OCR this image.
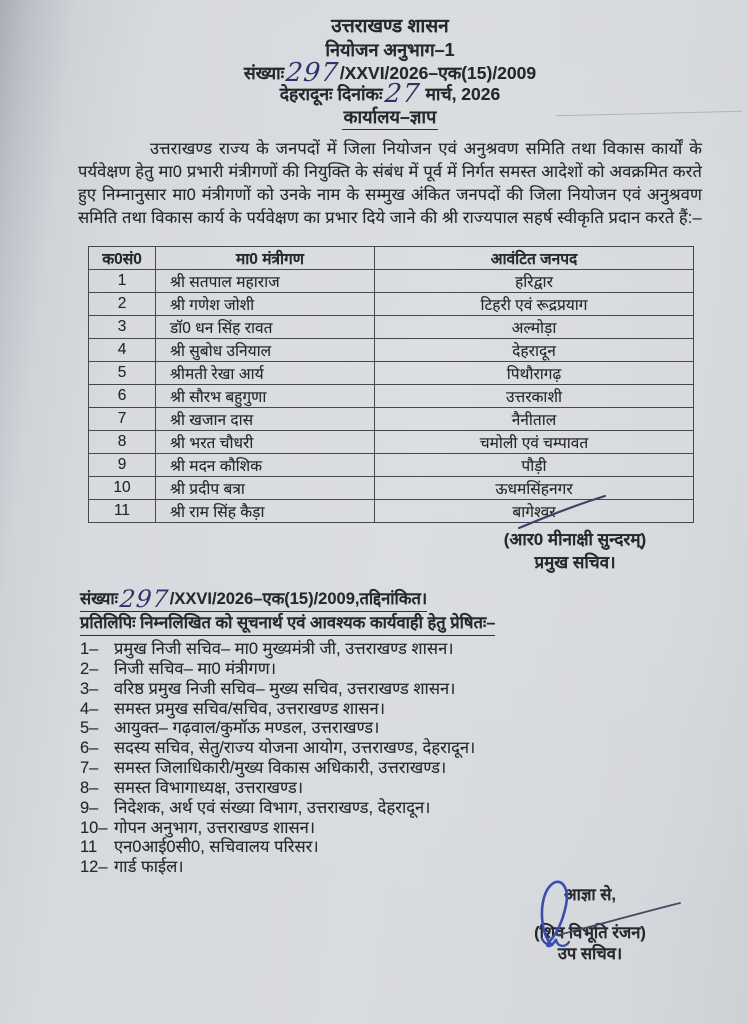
उत्तराखण्ड शासन
नियोजन अनुभाग–1
संख्याः297/XXVI/2026–एक(15)/2009
देहरादूनः दिनांकः27 मार्च, 2026
कार्यालय–ज्ञाप

उत्तराखण्ड राज्य के जनपदों में जिला नियोजन एवं अनुश्रवण समिति तथा विकास कार्यों के पर्यवेक्षण हेतु मा0 प्रभारी मंत्रीगणों की नियुक्ति के संबंध में पूर्व में निर्गत समस्त आदेशों को अवक्रमित करते हुए निम्नानुसार मा0 मंत्रीगणों को उनके नाम के सम्मुख अंकित जनपदों की जिला नियोजन एवं अनुश्रवण समिति तथा विकास कार्य के पर्यवेक्षण का प्रभार दिये जाने की श्री राज्यपाल सहर्ष स्वीकृति प्रदान करते हैं:–

क0सं0	मा0 मंत्रीगण	आवंटित जनपद
1	श्री सतपाल महाराज	हरिद्वार
2	श्री गणेश जोशी	टिहरी एवं रूद्रप्रयाग
3	डॉ0 धन सिंह रावत	अल्मोड़ा
4	श्री सुबोध उनियाल	देहरादून
5	श्रीमती रेखा आर्य	पिथौरागढ़
6	श्री सौरभ बहुगुणा	उत्तरकाशी
7	श्री खजान दास	नैनीताल
8	श्री भरत चौधरी	चमोली एवं चम्पावत
9	श्री मदन कौशिक	पौड़ी
10	श्री प्रदीप बत्रा	ऊधमसिंहनगर
11	श्री राम सिंह कैड़ा	बागेश्वर
(आर0 मीनाक्षी सुन्दरम्)
प्रमुख सचिव।
संख्याः297/XXVI/2026–एक(15)/2009,तद्दिनांकित।
प्रतिलिपिः निम्नलिखित को सूचनार्थ एवं आवश्यक कार्यवाही हेतु प्रेषितः–
1– प्रमुख निजी सचिव– मा0 मुख्यमंत्री जी, उत्तराखण्ड शासन।
2– निजी सचिव– मा0 मंत्रीगण।
3– वरिष्ठ प्रमुख निजी सचिव– मुख्य सचिव, उत्तराखण्ड शासन।
4– समस्त प्रमुख सचिव/सचिव, उत्तराखण्ड शासन।
5– आयुक्त– गढ़वाल/कुमॉऊ मण्डल, उत्तराखण्ड।
6– सदस्य सचिव, सेतु/राज्य योजना आयोग, उत्तराखण्ड, देहरादून।
7– समस्त जिलाधिकारी/मुख्य विकास अधिकारी, उत्तराखण्ड।
8– समस्त विभागाध्यक्ष, उत्तराखण्ड।
9– निदेशक, अर्थ एवं संख्या विभाग, उत्तराखण्ड, देहरादून।
10– गोपन अनुभाग, उत्तराखण्ड शासन।
11	एन0आई0सी0, सचिवालय परिसर।
12– गार्ड फाईल।
आज्ञा से,
(शिव विभूति रंजन)
उप सचिव।
